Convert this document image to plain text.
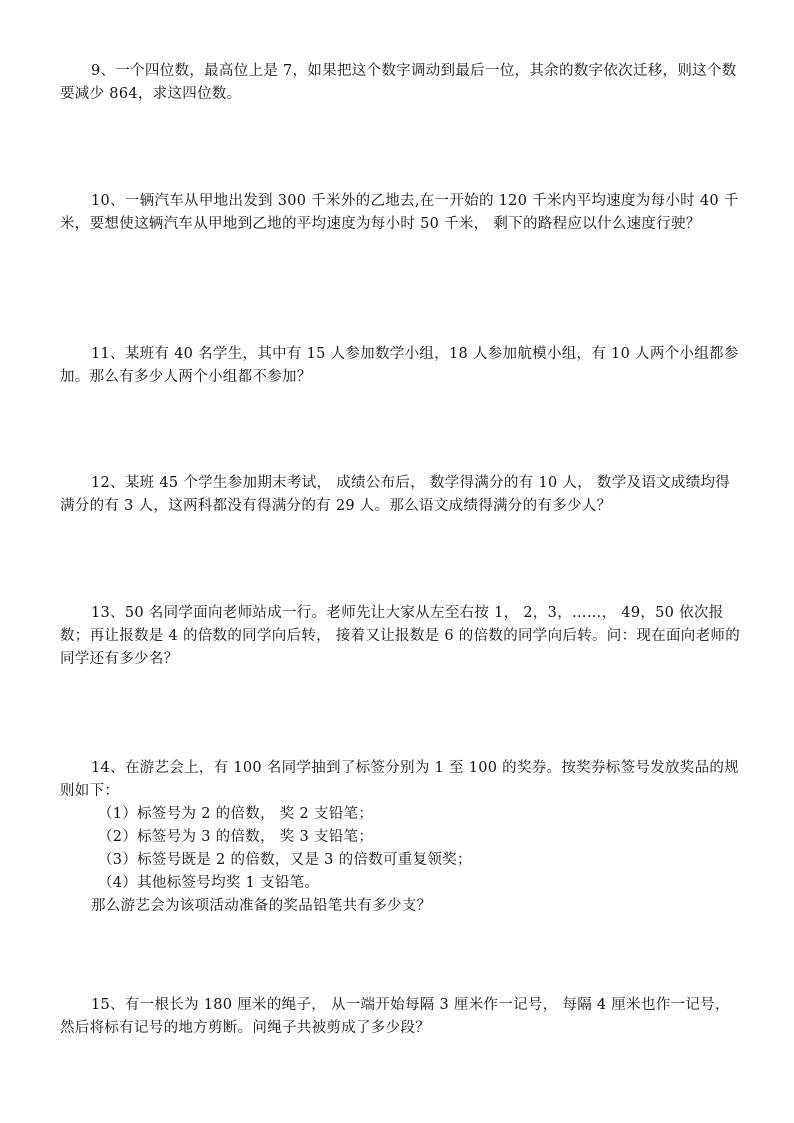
9、一个四位数，最高位上是 7，如果把这个数字调动到最后一位，其余的数字依次迁移，则这个数要减少 864，求这四位数。

10、一辆汽车从甲地出发到 300 千米外的乙地去,在一开始的 120 千米内平均速度为每小时 40 千米，要想使这辆汽车从甲地到乙地的平均速度为每小时 50 千米， 剩下的路程应以什么速度行驶？

11、某班有 40 名学生，其中有 15 人参加数学小组，18 人参加航模小组，有 10 人两个小组都参加。那么有多少人两个小组都不参加？

12、某班 45 个学生参加期末考试， 成绩公布后， 数学得满分的有 10 人， 数学及语文成绩均得满分的有 3 人，这两科都没有得满分的有 29 人。那么语文成绩得满分的有多少人？

13、50 名同学面向老师站成一行。老师先让大家从左至右按 1， 2，3，……， 49，50 依次报数；再让报数是 4 的倍数的同学向后转， 接着又让报数是 6 的倍数的同学向后转。问：现在面向老师的同学还有多少名？

14、在游艺会上，有 100 名同学抽到了标签分别为 1 至 100 的奖券。按奖券标签号发放奖品的规则如下：

（1）标签号为 2 的倍数， 奖 2 支铅笔；

（2）标签号为 3 的倍数， 奖 3 支铅笔；

（3）标签号既是 2 的倍数，又是 3 的倍数可重复领奖；

（4）其他标签号均奖 1 支铅笔。

那么游艺会为该项活动准备的奖品铅笔共有多少支？

15、有一根长为 180 厘米的绳子， 从一端开始每隔 3 厘米作一记号， 每隔 4 厘米也作一记号，然后将标有记号的地方剪断。问绳子共被剪成了多少段？
